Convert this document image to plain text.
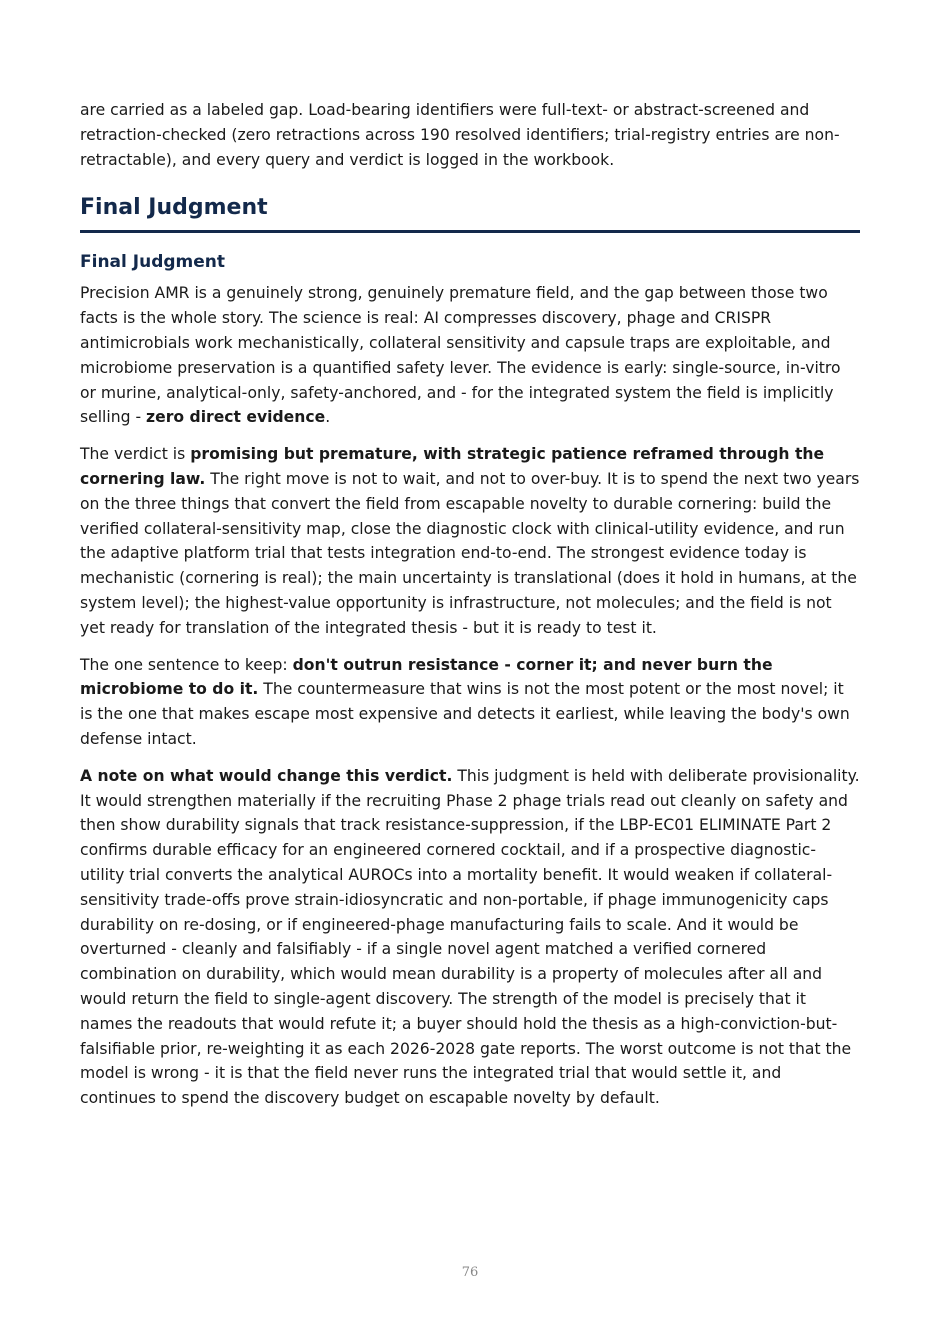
are carried as a labeled gap. Load-bearing identifiers were full-text- or abstract-screened and retraction-checked (zero retractions across 190 resolved identifiers; trial-registry entries are non-retractable), and every query and verdict is logged in the workbook.

Final Judgment
Final Judgment

Precision AMR is a genuinely strong, genuinely premature field, and the gap between those two facts is the whole story. The science is real: AI compresses discovery, phage and CRISPR antimicrobials work mechanistically, collateral sensitivity and capsule traps are exploitable, and microbiome preservation is a quantified safety lever. The evidence is early: single-source, in-vitro or murine, analytical-only, safety-anchored, and - for the integrated system the field is implicitly selling - zero direct evidence.

The verdict is promising but premature, with strategic patience reframed through the cornering law. The right move is not to wait, and not to over-buy. It is to spend the next two years on the three things that convert the field from escapable novelty to durable cornering: build the verified collateral-sensitivity map, close the diagnostic clock with clinical-utility evidence, and run the adaptive platform trial that tests integration end-to-end. The strongest evidence today is mechanistic (cornering is real); the main uncertainty is translational (does it hold in humans, at the system level); the highest-value opportunity is infrastructure, not molecules; and the field is not yet ready for translation of the integrated thesis - but it is ready to test it.

The one sentence to keep: don't outrun resistance - corner it; and never burn the microbiome to do it. The countermeasure that wins is not the most potent or the most novel; it is the one that makes escape most expensive and detects it earliest, while leaving the body's own defense intact.

A note on what would change this verdict. This judgment is held with deliberate provisionality. It would strengthen materially if the recruiting Phase 2 phage trials read out cleanly on safety and then show durability signals that track resistance-suppression, if the LBP-EC01 ELIMINATE Part 2 confirms durable efficacy for an engineered cornered cocktail, and if a prospective diagnostic-utility trial converts the analytical AUROCs into a mortality benefit. It would weaken if collateral-sensitivity trade-offs prove strain-idiosyncratic and non-portable, if phage immunogenicity caps durability on re-dosing, or if engineered-phage manufacturing fails to scale. And it would be overturned - cleanly and falsifiably - if a single novel agent matched a verified cornered combination on durability, which would mean durability is a property of molecules after all and would return the field to single-agent discovery. The strength of the model is precisely that it names the readouts that would refute it; a buyer should hold the thesis as a high-conviction-but-falsifiable prior, re-weighting it as each 2026-2028 gate reports. The worst outcome is not that the model is wrong - it is that the field never runs the integrated trial that would settle it, and continues to spend the discovery budget on escapable novelty by default.

76
